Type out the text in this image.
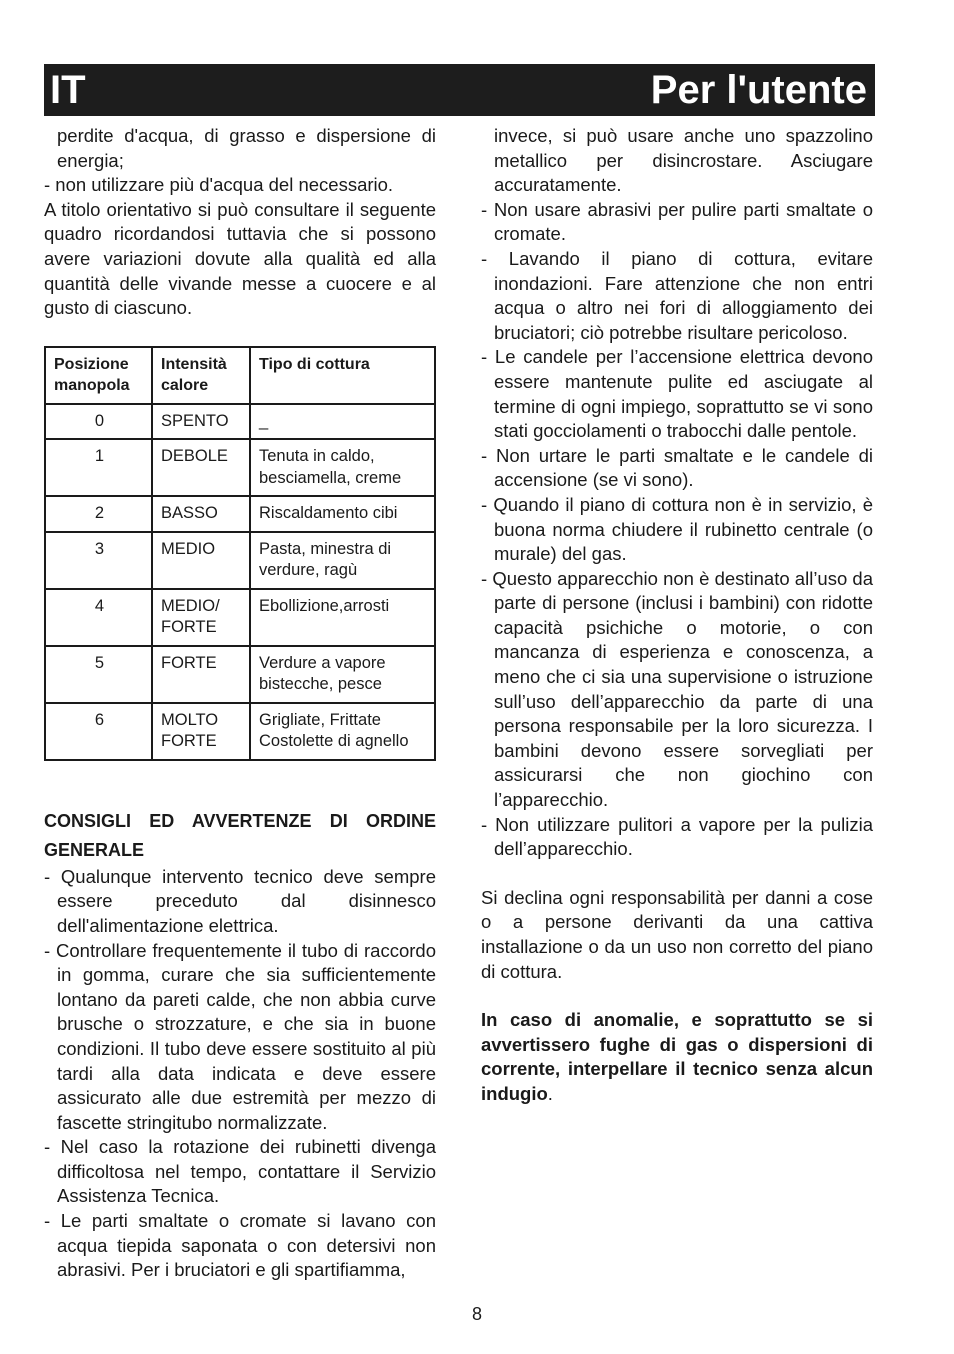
IT	Per l'utente

perdite d'acqua, di grasso e dispersione di energia;

- non utilizzare più d'acqua del necessario.

A titolo orientativo si può consultare il seguente quadro ricordandosi tuttavia che si possono avere variazioni dovute alla qualità ed alla quantità delle vivande messe a cuocere e al gusto di ciascuno.

Posizione manopola	Intensità calore	Tipo di cottura
0	SPENTO	_
1	DEBOLE	Tenuta in caldo, besciamella, creme
2	BASSO	Riscaldamento cibi
3	MEDIO	Pasta, minestra di verdure, ragù
4	MEDIO/ FORTE	Ebollizione,arrosti
5	FORTE	Verdure a vapore bistecche, pesce
6	MOLTO FORTE	Grigliate, Frittate Costolette di agnello

CONSIGLI ED AVVERTENZE DI ORDINE GENERALE

- Qualunque intervento tecnico deve sempre essere preceduto dal disinnesco dell'alimentazione elettrica.

- Controllare frequentemente il tubo di raccordo in gomma, curare che sia sufficientemente lontano da pareti calde, che non abbia curve brusche o strozzature, e che sia in buone condizioni. Il tubo deve essere sostituito al più tardi alla data indicata e deve essere assicurato alle due estremità per mezzo di fascette stringitubo normalizzate.

- Nel caso la rotazione dei rubinetti divenga difficoltosa nel tempo, contattare il Servizio Assistenza Tecnica.

- Le parti smaltate o cromate si lavano con acqua tiepida saponata o con detersivi non abrasivi. Per i bruciatori e gli spartifiamma,

invece, si può usare anche uno spazzolino metallico per disincrostare. Asciugare accuratamente.

- Non usare abrasivi per pulire parti smaltate o cromate.

- Lavando il piano di cottura, evitare inondazioni. Fare attenzione che non entri acqua o altro nei fori di alloggiamento dei bruciatori; ciò potrebbe risultare pericoloso.

- Le candele per l’accensione elettrica devono essere mantenute pulite ed asciugate al termine di ogni impiego, soprattutto se vi sono stati gocciolamenti o trabocchi dalle pentole.

- Non urtare le parti smaltate e le candele di accensione (se vi sono).

- Quando il piano di cottura non è in servizio, è buona norma chiudere il rubinetto centrale (o murale) del gas.

- Questo apparecchio non è destinato all’uso da parte di persone (inclusi i bambini) con ridotte capacità psichiche o motorie, o con mancanza di esperienza e conoscenza, a meno che ci sia una supervisione o istruzione sull’uso dell’apparecchio da parte di una persona responsabile per la loro sicurezza. I bambini devono essere sorvegliati per assicurarsi che non giochino con l’apparecchio.

- Non utilizzare pulitori a vapore per la pulizia dell’apparecchio.

Si declina ogni responsabilità per danni a cose o a persone derivanti da una cattiva installazione o da un uso non corretto del piano di cottura.

In caso di anomalie, e soprattutto se si avvertissero fughe di gas o dispersioni di corrente, interpellare il tecnico senza alcun indugio.

8
